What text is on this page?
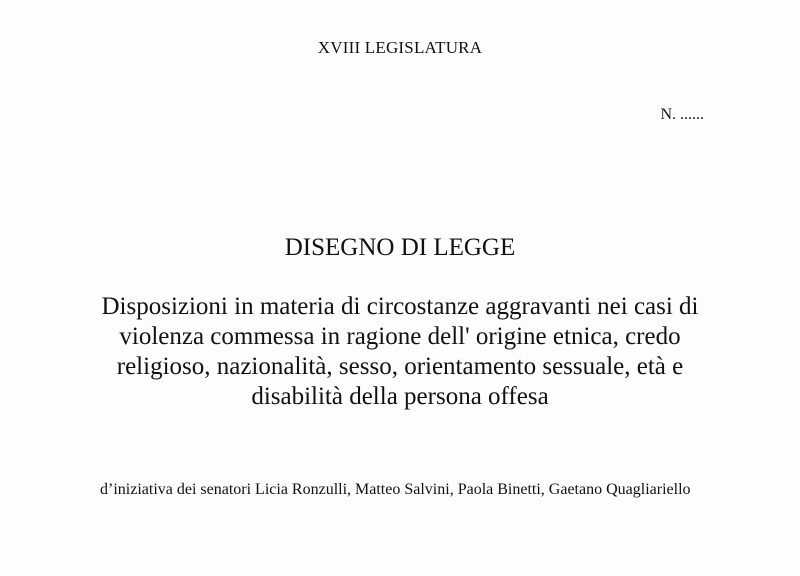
XVIII LEGISLATURA
N. ......
DISEGNO DI LEGGE
Disposizioni in materia di circostanze aggravanti nei casi di violenza commessa in ragione dell' origine etnica, credo religioso, nazionalità, sesso, orientamento sessuale, età e disabilità della persona offesa
d’iniziativa dei senatori Licia Ronzulli, Matteo Salvini, Paola Binetti, Gaetano Quagliariello
